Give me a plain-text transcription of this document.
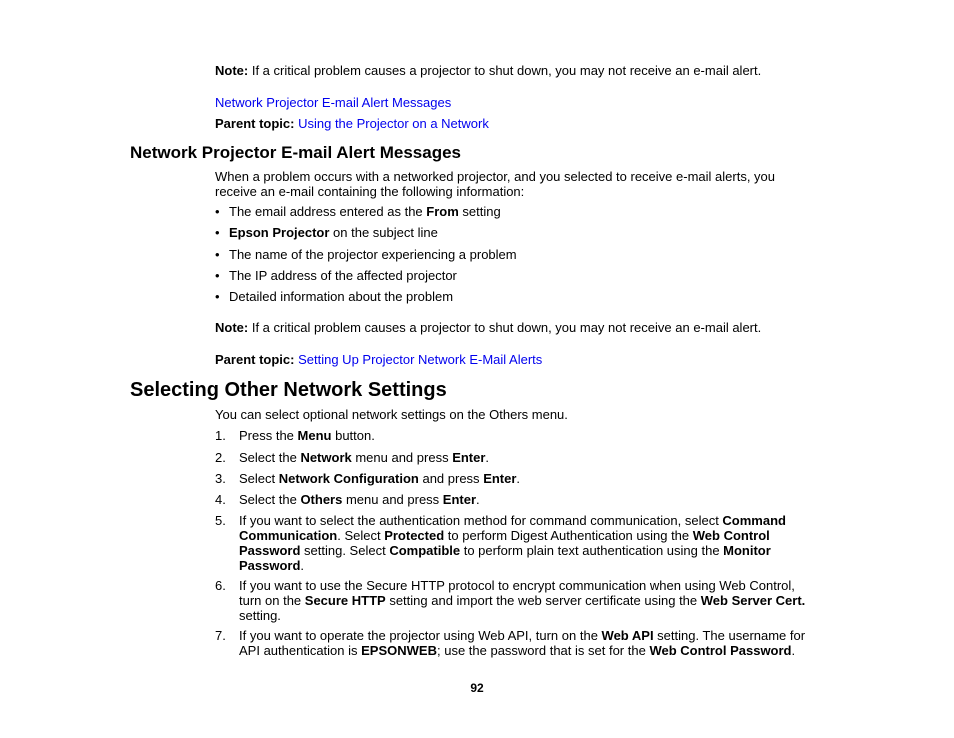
Note: If a critical problem causes a projector to shut down, you may not receive an e-mail alert.
Network Projector E-mail Alert Messages
Parent topic: Using the Projector on a Network
Network Projector E-mail Alert Messages
When a problem occurs with a networked projector, and you selected to receive e-mail alerts, you receive an e-mail containing the following information:
• The email address entered as the From setting
• Epson Projector on the subject line
• The name of the projector experiencing a problem
• The IP address of the affected projector
• Detailed information about the problem
Note: If a critical problem causes a projector to shut down, you may not receive an e-mail alert.
Parent topic: Setting Up Projector Network E-Mail Alerts
Selecting Other Network Settings
You can select optional network settings on the Others menu.
1. Press the Menu button.
2. Select the Network menu and press Enter.
3. Select Network Configuration and press Enter.
4. Select the Others menu and press Enter.
5. If you want to select the authentication method for command communication, select Command Communication. Select Protected to perform Digest Authentication using the Web Control Password setting. Select Compatible to perform plain text authentication using the Monitor Password.
6. If you want to use the Secure HTTP protocol to encrypt communication when using Web Control, turn on the Secure HTTP setting and import the web server certificate using the Web Server Cert. setting.
7. If you want to operate the projector using Web API, turn on the Web API setting. The username for API authentication is EPSONWEB; use the password that is set for the Web Control Password.
92
